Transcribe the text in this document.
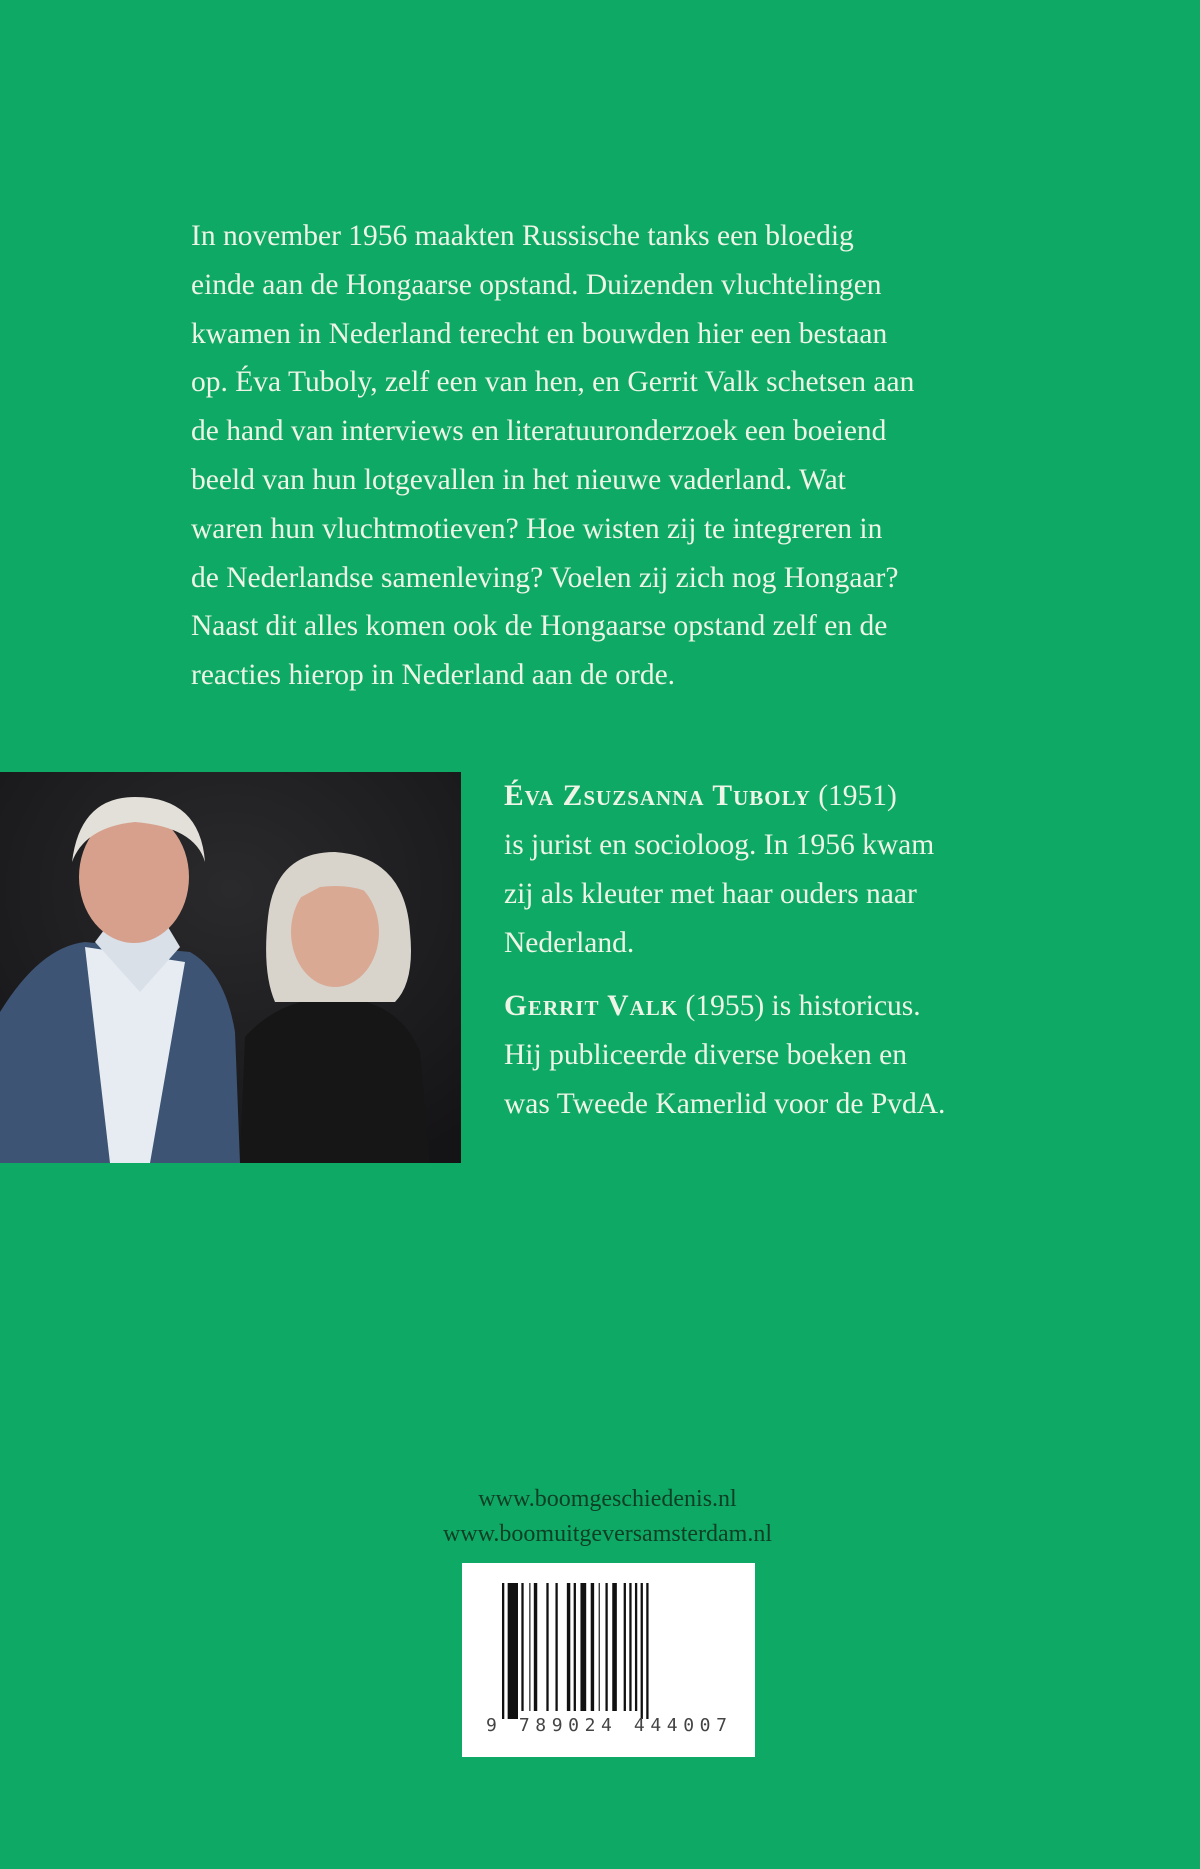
In november 1956 maakten Russische tanks een bloedig
einde aan de Hongaarse opstand. Duizenden vluchtelingen
kwamen in Nederland terecht en bouwden hier een bestaan
op. Éva Tuboly, zelf een van hen, en Gerrit Valk schetsen aan
de hand van interviews en literatuuronderzoek een boeiend
beeld van hun lotgevallen in het nieuwe vaderland. Wat
waren hun vluchtmotieven? Hoe wisten zij te integreren in
de Nederlandse samenleving? Voelen zij zich nog Hongaar?
Naast dit alles komen ook de Hongaarse opstand zelf en de
reacties hierop in Nederland aan de orde.

Éva Zsuzsanna Tuboly (1951)
is jurist en socioloog. In 1956 kwam
zij als kleuter met haar ouders naar
Nederland.

Gerrit Valk (1955) is historicus.
Hij publiceerde diverse boeken en
was Tweede Kamerlid voor de PvdA.

www.boomgeschiedenis.nl
www.boomuitgeversamsterdam.nl
9 789024 444007
